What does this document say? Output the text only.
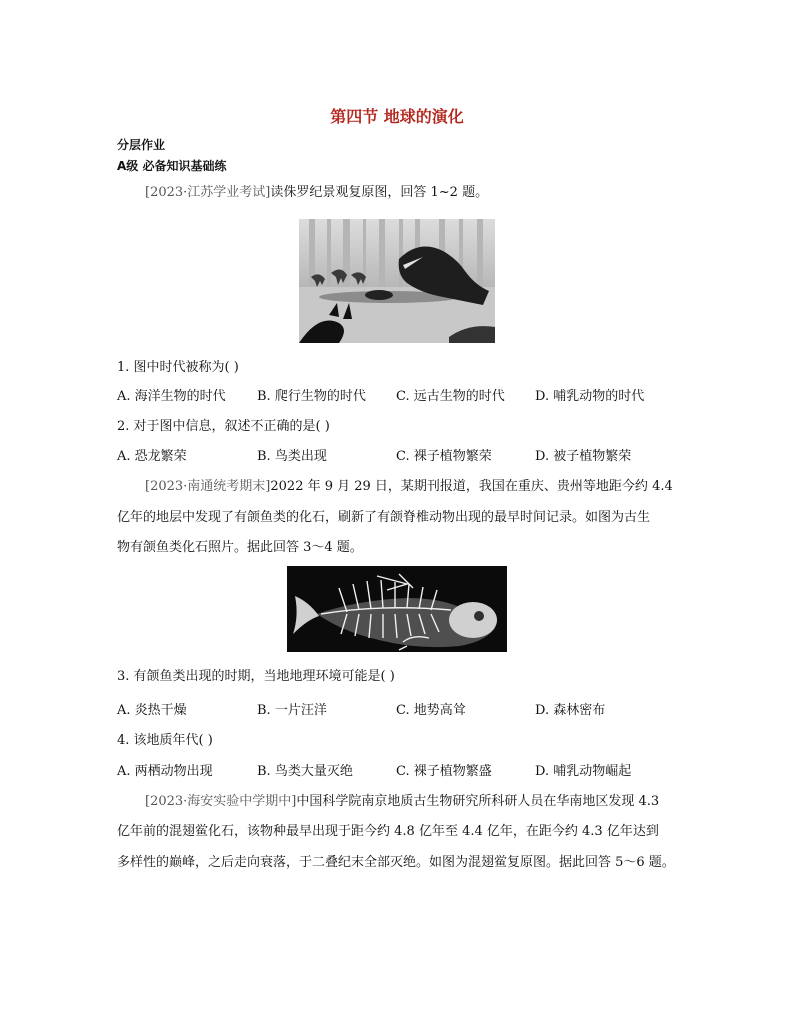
第四节 地球的演化
分层作业
A级 必备知识基础练
[2023·江苏学业考试]读侏罗纪景观复原图，回答 1~2 题。
1. 图中时代被称为( )
A. 海洋生物的时代 B. 爬行生物的时代 C. 远古生物的时代 D. 哺乳动物的时代
2. 对于图中信息，叙述不正确的是( )
A. 恐龙繁荣	B. 鸟类出现	C. 裸子植物繁荣	D. 被子植物繁荣
[2023·南通统考期末]2022 年 9 月 29 日，某期刊报道，我国在重庆、贵州等地距今约 4.4
亿年的地层中发现了有颌鱼类的化石，刷新了有颌脊椎动物出现的最早时间记录。如图为古生
物有颌鱼类化石照片。据此回答 3～4 题。
3. 有颌鱼类出现的时期，当地地理环境可能是( )
A. 炎热干燥	B. 一片汪洋	C. 地势高耸	D. 森林密布
4. 该地质年代( )
A. 两栖动物出现	B. 鸟类大量灭绝	C. 裸子植物繁盛	D. 哺乳动物崛起
[2023·海安实验中学期中]中国科学院南京地质古生物研究所科研人员在华南地区发现 4.3
亿年前的混翅鲎化石，该物种最早出现于距今约 4.8 亿年至 4.4 亿年，在距今约 4.3 亿年达到
多样性的巅峰，之后走向衰落，于二叠纪末全部灭绝。如图为混翅鲎复原图。据此回答 5～6 题。
